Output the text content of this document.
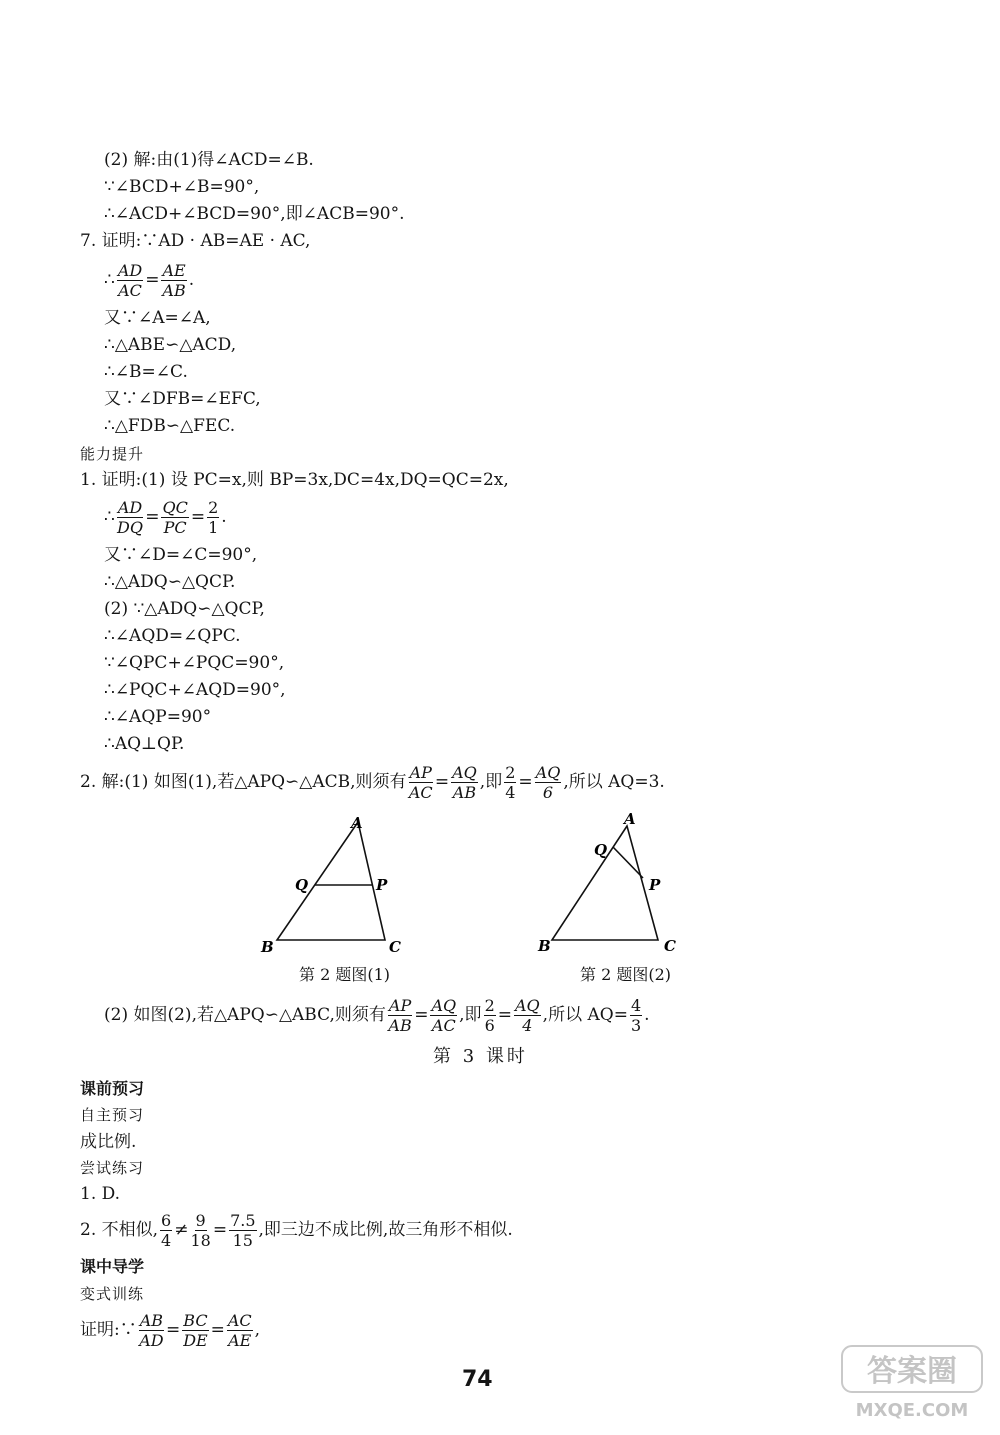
(2) 解:由(1)得∠ACD=∠B.
∵∠BCD+∠B=90°,
∴∠ACD+∠BCD=90°,即∠ACB=90°.
7. 证明:∵AD · AB=AE · AC,
∴ $\frac{AD}{AC} = \frac{AE}{AB}$ .
又∵∠A=∠A,
∴△ABE∽△ACD,
∴∠B=∠C.
又∵∠DFB=∠EFC,
∴△FDB∽△FEC.
能力提升
1. 证明:(1) 设 PC=x,则 BP=3x,DC=4x,DQ=QC=2x,
∴ $\frac{AD}{DQ} = \frac{QC}{PC} = \frac{2}{1}$ .
又∵∠D=∠C=90°,
∴△ADQ∽△QCP.
(2) ∵△ADQ∽△QCP,
∴∠AQD=∠QPC.
∵∠QPC+∠PQC=90°,
∴∠PQC+∠AQD=90°,
∴∠AQP=90°
∴AQ⊥QP.
2. 解:(1) 如图(1),若△APQ∽△ACB,则须有 $\frac{AP}{AC} = \frac{AQ}{AB}$ ,即 $\frac{2}{4} = \frac{AQ}{6}$ ,所以 AQ=3.
A
Q	P
B	C
第 2 题图(1)
A
Q
P
B	C
第 2 题图(2)
(2) 如图(2),若△APQ∽△ABC,则须有 $\frac{AP}{AB} = \frac{AQ}{AC}$ ,即 $\frac{2}{6} = \frac{AQ}{4}$ ,所以 $AQ= \frac{4}{3}$ .
第 3 课时
课前预习
自主预习
成比例.
尝试练习
1. D.
2. 不相似, $\frac{6}{4} \ne \frac{9}{18} = \frac{7.5}{15}$ ,即三边不成比例,故三角形不相似.
课中导学
变式训练
证明:∵ $\frac{AB}{AD} = \frac{BC}{DE} = \frac{AC}{AE}$ ,
74	答案圈
MXQE.COM
